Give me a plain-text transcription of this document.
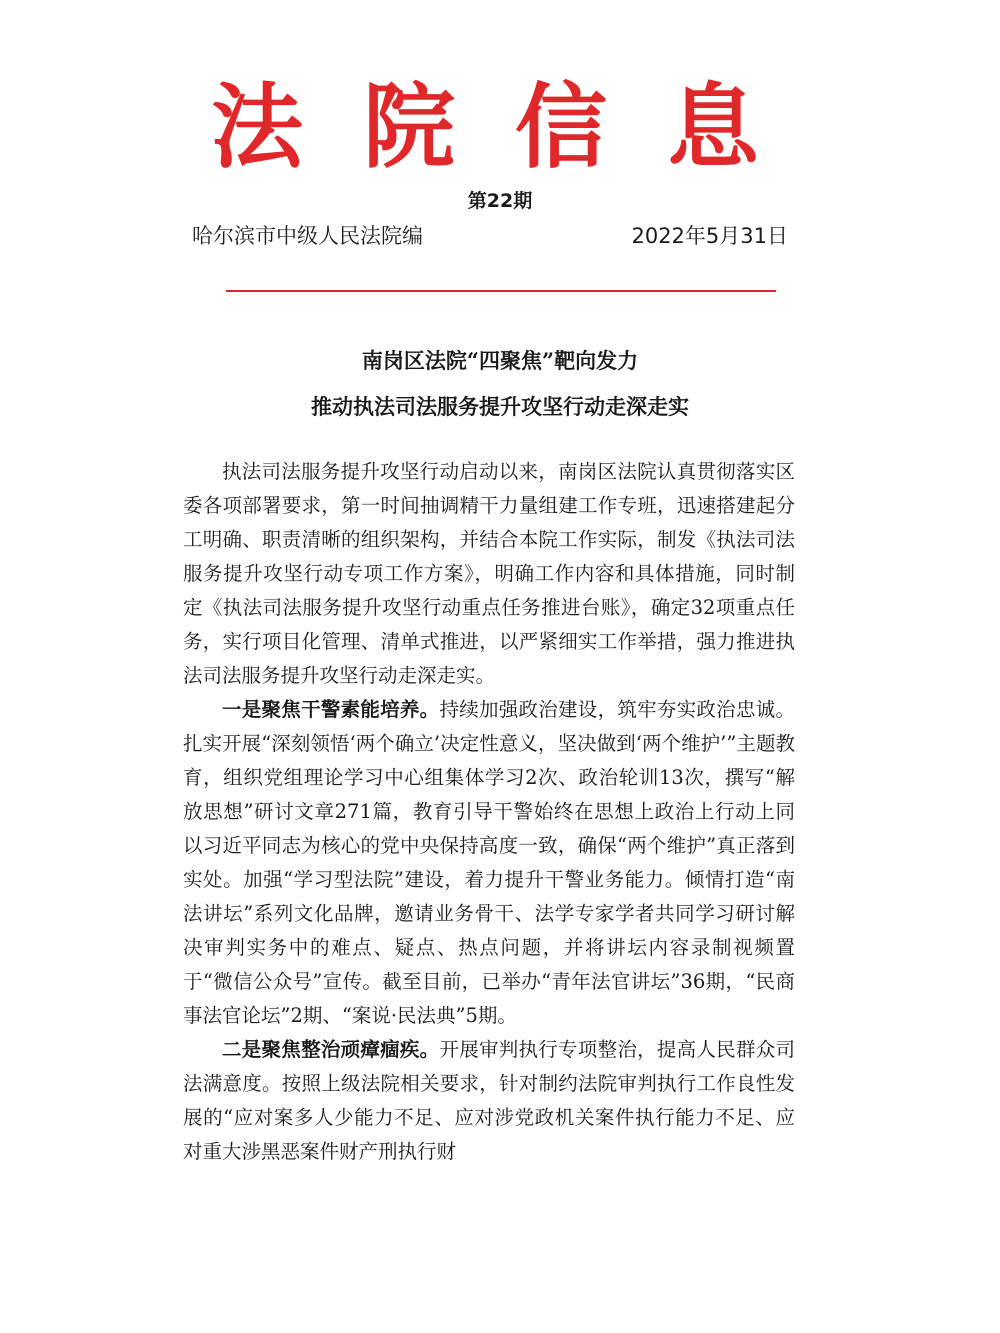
法院信息
第22期
哈尔滨市中级人民法院编	2022年5月31日
南岗区法院“四聚焦”靶向发力
推动执法司法服务提升攻坚行动走深走实

执法司法服务提升攻坚行动启动以来，南岗区法院认真贯彻落实区委各项部署要求，第一时间抽调精干力量组建工作专班，迅速搭建起分工明确、职责清晰的组织架构，并结合本院工作实际，制发《执法司法服务提升攻坚行动专项工作方案》，明确工作内容和具体措施，同时制定《执法司法服务提升攻坚行动重点任务推进台账》，确定32项重点任务，实行项目化管理、清单式推进，以严紧细实工作举措，强力推进执法司法服务提升攻坚行动走深走实。

一是聚焦干警素能培养。持续加强政治建设，筑牢夯实政治忠诚。扎实开展“深刻领悟‘两个确立’决定性意义，坚决做到‘两个维护’”主题教育，组织党组理论学习中心组集体学习2次、政治轮训13次，撰写“解放思想”研讨文章271篇，教育引导干警始终在思想上政治上行动上同以习近平同志为核心的党中央保持高度一致，确保“两个维护”真正落到实处。加强“学习型法院”建设，着力提升干警业务能力。倾情打造“南法讲坛”系列文化品牌，邀请业务骨干、法学专家学者共同学习研讨解决审判实务中的难点、疑点、热点问题，并将讲坛内容录制视频置于“微信公众号”宣传。截至目前，已举办“青年法官讲坛”36期，“民商事法官论坛”2期、“案说·民法典”5期。

二是聚焦整治顽瘴痼疾。开展审判执行专项整治，提高人民群众司法满意度。按照上级法院相关要求，针对制约法院审判执行工作良性发展的“应对案多人少能力不足、应对涉党政机关案件执行能力不足、应对重大涉黑恶案件财产刑执行财
